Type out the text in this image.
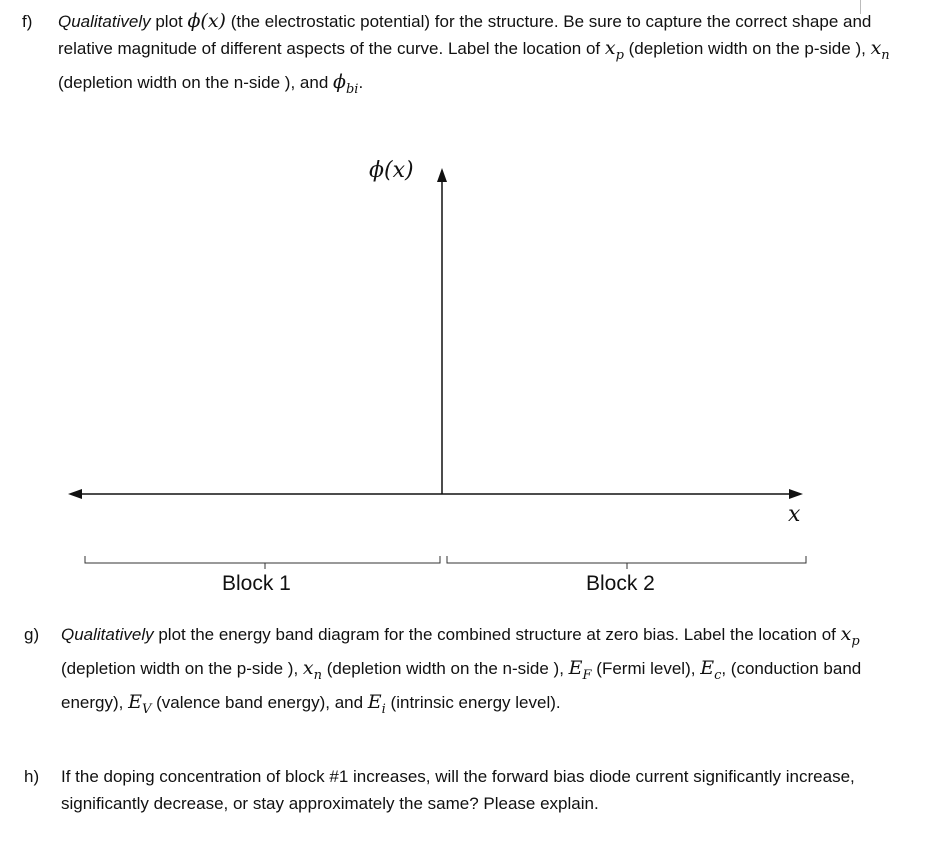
f) Qualitatively plot ϕ(x) (the electrostatic potential) for the structure. Be sure to capture the correct shape and relative magnitude of different aspects of the curve. Label the location of $x_p$ (depletion width on the p-side ), $x_n$ (depletion width on the n-side ), and $\phi_{bi}$.
ϕ(x)
x
Block 1	Block 2
g) Qualitatively plot the energy band diagram for the combined structure at zero bias. Label the location of $x_p$ (depletion width on the p-side ), $x_n$ (depletion width on the n-side ), $E_F$ (Fermi level), $E_c$, (conduction band energy), $E_V$ (valence band energy), and $E_i$ (intrinsic energy level).
h) If the doping concentration of block #1 increases, will the forward bias diode current significantly increase, significantly decrease, or stay approximately the same? Please explain.
